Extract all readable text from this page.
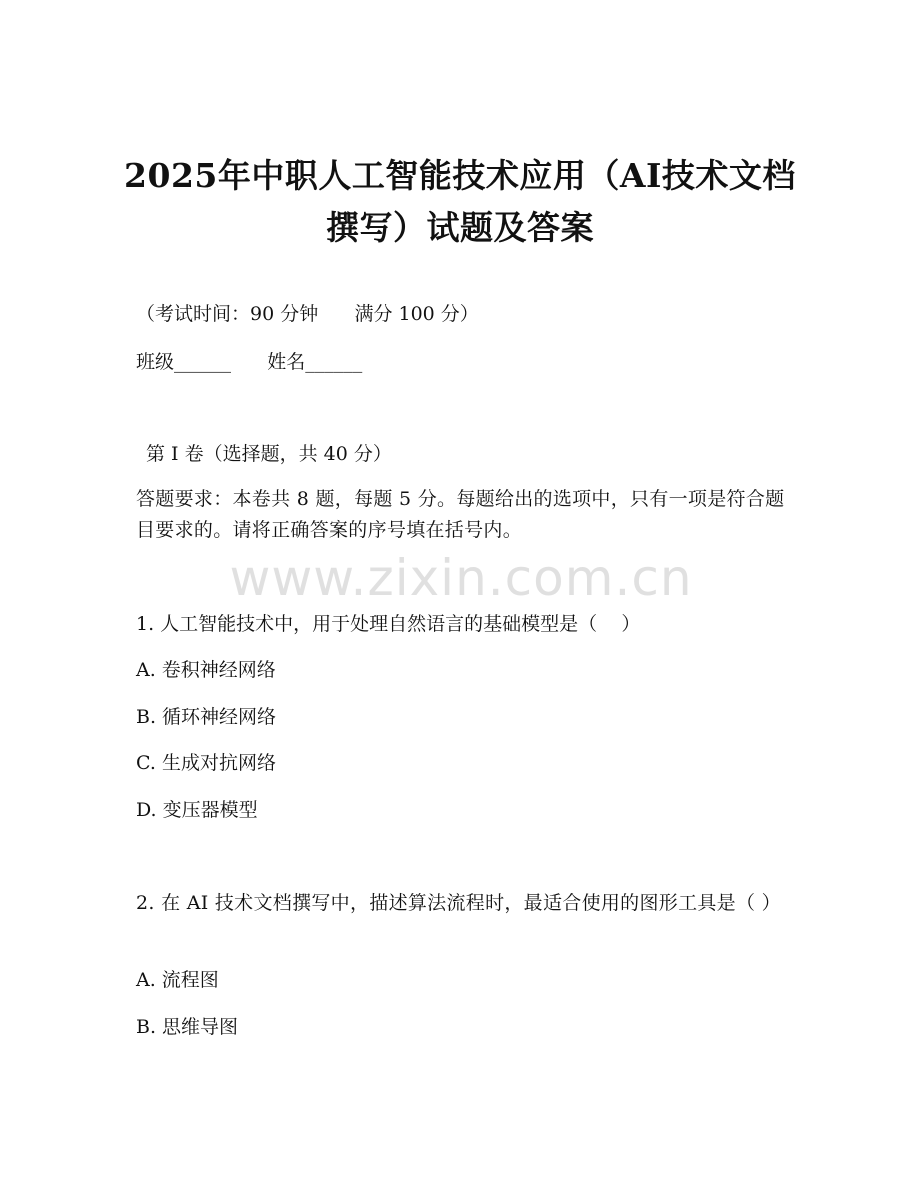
2025年中职人工智能技术应用（AI技术文档
撰写）试题及答案

（考试时间：90 分钟      满分 100 分）

班级______      姓名______

第 I 卷（选择题，共 40 分）

答题要求：本卷共 8 题，每题 5 分。每题给出的选项中，只有一项是符合题目要求的。请将正确答案的序号填在括号内。

www.zixin.com.cn

1. 人工智能技术中，用于处理自然语言的基础模型是（    ）

A. 卷积神经网络

B. 循环神经网络

C. 生成对抗网络

D. 变压器模型

2. 在 AI 技术文档撰写中，描述算法流程时，最适合使用的图形工具是（ ）

A. 流程图

B. 思维导图
